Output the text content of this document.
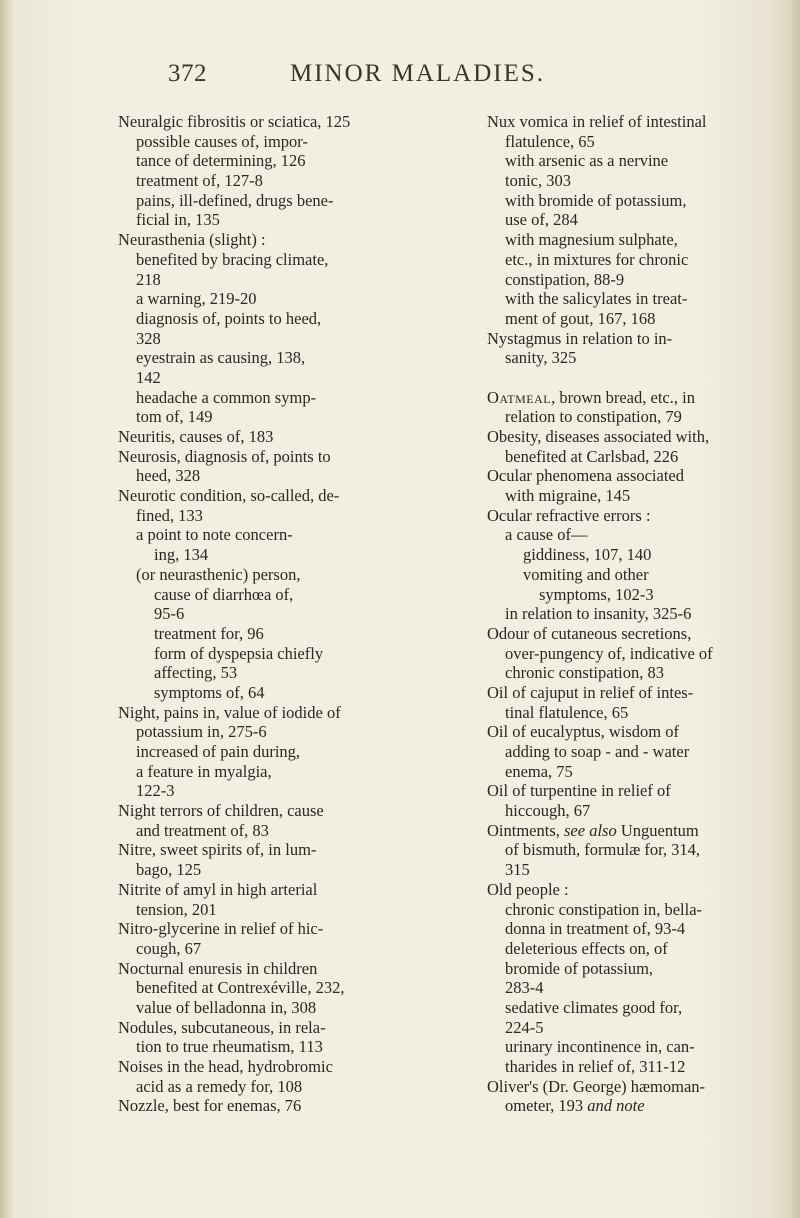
372	MINOR MALADIES.
Neuralgic fibrositis or sciatica, 125
possible causes of, impor-
tance of determining, 126
treatment of, 127-8
pains, ill-defined, drugs bene-
ficial in, 135
Neurasthenia (slight) :
benefited by bracing climate,
218
a warning, 219-20
diagnosis of, points to heed,
328
eyestrain as causing, 138,
142
headache a common symp-
tom of, 149
Neuritis, causes of, 183
Neurosis, diagnosis of, points to
heed, 328
Neurotic condition, so-called, de-
fined, 133
a point to note concern-
ing, 134
(or neurasthenic) person,
cause of diarrhœa of,
95-6
treatment for, 96
form of dyspepsia chiefly
affecting, 53
symptoms of, 64
Night, pains in, value of iodide of
potassium in, 275-6
increased of pain during,
a feature in myalgia,
122-3
Night terrors of children, cause
and treatment of, 83
Nitre, sweet spirits of, in lum-
bago, 125
Nitrite of amyl in high arterial
tension, 201
Nitro-glycerine in relief of hic-
cough, 67
Nocturnal enuresis in children
benefited at Contrexéville, 232,
value of belladonna in, 308
Nodules, subcutaneous, in rela-
tion to true rheumatism, 113
Noises in the head, hydrobromic
acid as a remedy for, 108
Nozzle, best for enemas, 76
Nux vomica in relief of intestinal
flatulence, 65
with arsenic as a nervine
tonic, 303
with bromide of potassium,
use of, 284
with magnesium sulphate,
etc., in mixtures for chronic
constipation, 88-9
with the salicylates in treat-
ment of gout, 167, 168
Nystagmus in relation to in-
sanity, 325
Oatmeal, brown bread, etc., in
relation to constipation, 79
Obesity, diseases associated with,
benefited at Carlsbad, 226
Ocular phenomena associated
with migraine, 145
Ocular refractive errors :
a cause of—
giddiness, 107, 140
vomiting and other
symptoms, 102-3
in relation to insanity, 325-6
Odour of cutaneous secretions,
over-pungency of, indicative of
chronic constipation, 83
Oil of cajuput in relief of intes-
tinal flatulence, 65
Oil of eucalyptus, wisdom of
adding to soap - and - water
enema, 75
Oil of turpentine in relief of
hiccough, 67
Ointments, see also Unguentum
of bismuth, formulæ for, 314,
315
Old people :
chronic constipation in, bella-
donna in treatment of, 93-4
deleterious effects on, of
bromide of potassium,
283-4
sedative climates good for,
224-5
urinary incontinence in, can-
tharides in relief of, 311-12
Oliver's (Dr. George) hæmoman-
ometer, 193 and note
